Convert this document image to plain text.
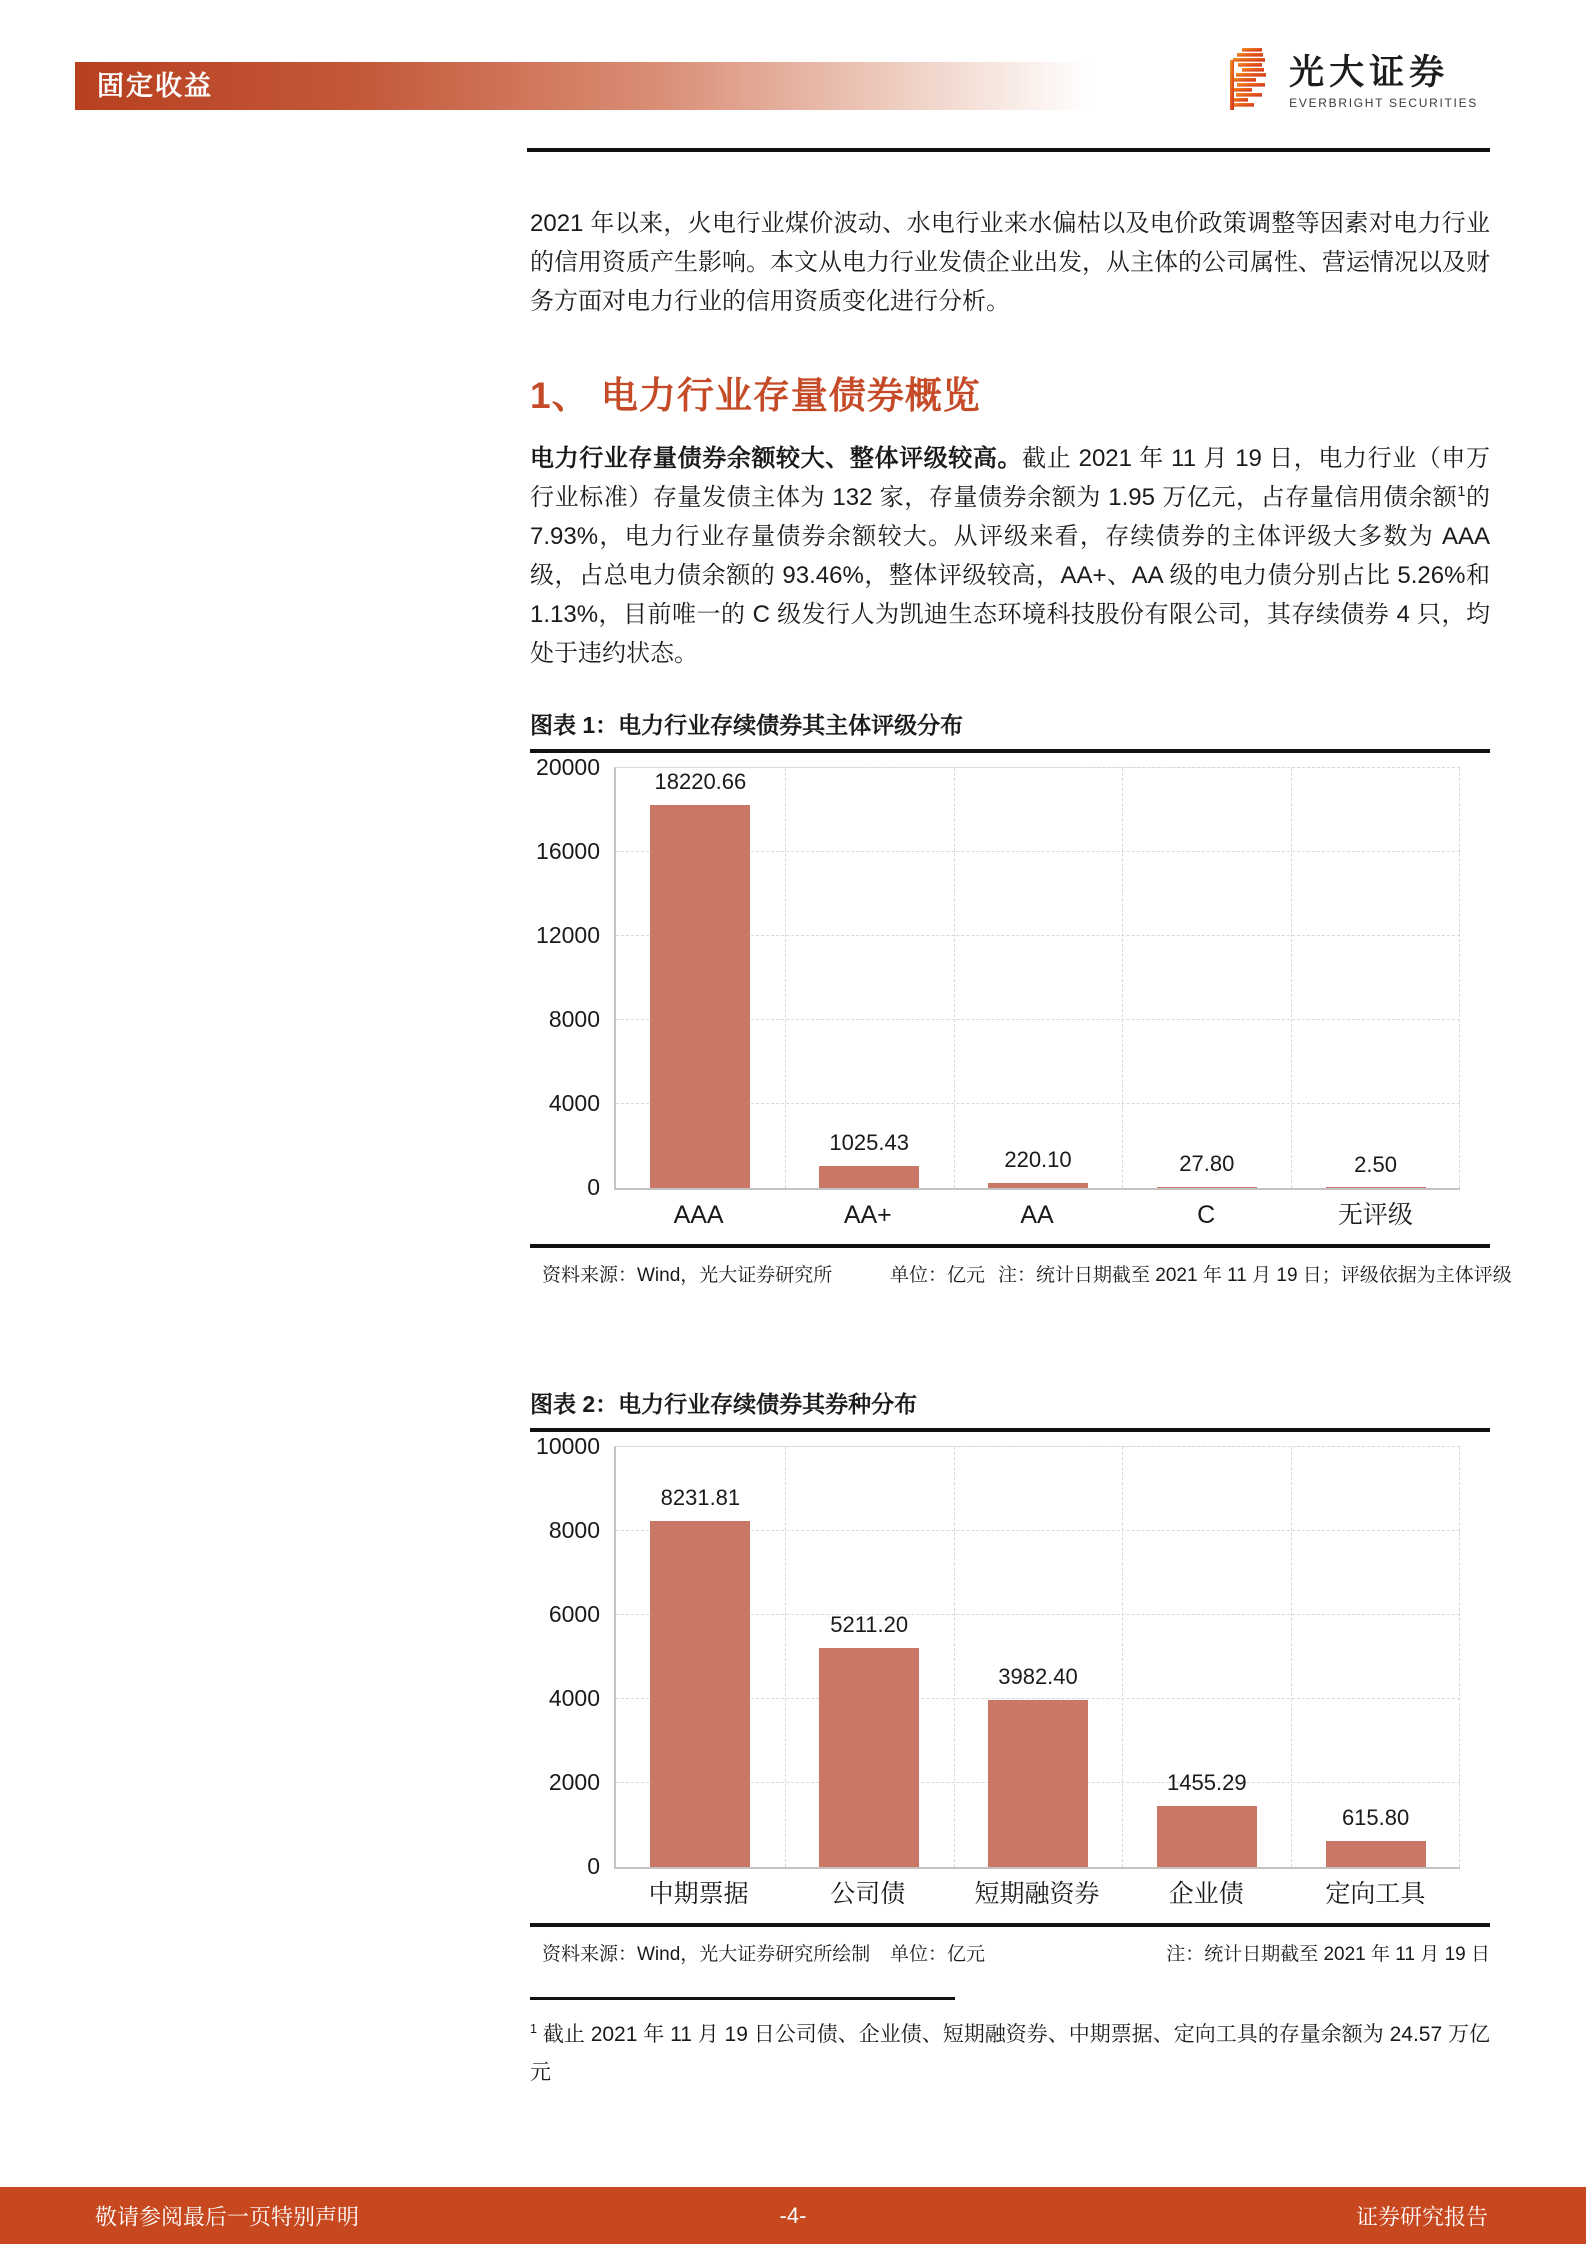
固定收益	光大证券
EVERBRIGHT SECURITIES

2021 年以来，火电行业煤价波动、水电行业来水偏枯以及电价政策调整等因素对电力行业的信用资质产生影响。本文从电力行业发债企业出发，从主体的公司属性、营运情况以及财务方面对电力行业的信用资质变化进行分析。

1、 电力行业存量债券概览

电力行业存量债券余额较大、整体评级较高。截止 2021 年 11 月 19 日，电力行业（申万行业标准）存量发债主体为 132 家，存量债券余额为 1.95 万亿元，占存量信用债余额$^1$的 7.93%，电力行业存量债券余额较大。从评级来看，存续债券的主体评级大多数为 AAA 级，占总电力债余额的 93.46%，整体评级较高，AA+、AA 级的电力债分别占比 5.26%和 1.13%，目前唯一的 C 级发行人为凯迪生态环境科技股份有限公司，其存续债券 4 只，均处于违约状态。

图表 1：电力行业存续债券其主体评级分布
0
4000
8000
12000
16000
20000
18220.66
1025.43
220.10	27.80	2.50
AAA	AA+	AA	C	无评级
资料来源：Wind，光大证券研究所	单位：亿元 注：统计日期截至 2021 年 11 月 19 日；评级依据为主体评级
图表 2：电力行业存续债券其券种分布
0
2000
4000
6000
8000
10000
8231.81
5211.20
3982.40
1455.29
615.80
中期票据	公司债	短期融资券	企业债	定向工具
资料来源：Wind，光大证券研究所绘制 单位：亿元	注：统计日期截至 2021 年 11 月 19 日

$^1$ 截止 2021 年 11 月 19 日公司债、企业债、短期融资券、中期票据、定向工具的存量余额为 24.57 万亿元

敬请参阅最后一页特别声明	-4-	证券研究报告
